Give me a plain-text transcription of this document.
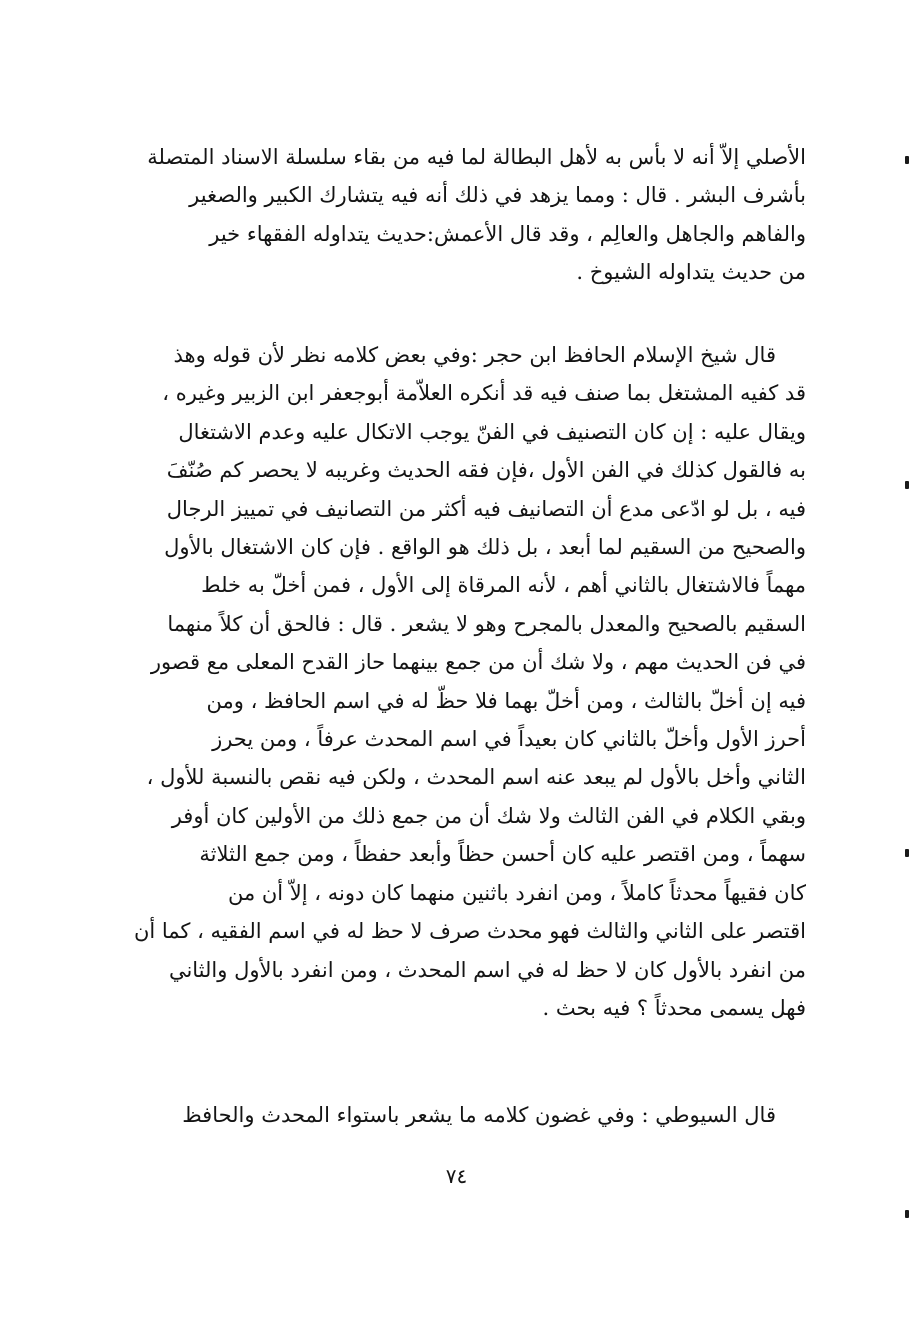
الأصلي إلاّ أنه لا بأس به لأهل البطالة لما فيه من بقاء سلسلة الاسناد المتصلة
بأشرف البشر . قال : ومما يزهد في ذلك أنه فيه يتشارك الكبير والصغير
والفاهم والجاهل والعالِم ، وقد قال الأعمش:حديث يتداوله الفقهاء خير
من حديث يتداوله الشيوخ .
قال شيخ الإسلام الحافظ ابن حجر :وفي بعض كلامه نظر لأن قوله وهذ
قد كفيه المشتغل بما صنف فيه قد أنكره العلاّمة أبوجعفر ابن الزبير وغيره ،
ويقال عليه : إن كان التصنيف في الفنّ يوجب الاتكال عليه وعدم الاشتغال
به فالقول كذلك في الفن الأول ،فإن فقه الحديث وغريبه لا يحصر كم صُنّفَ
فيه ، بل لو ادّعى مدع أن التصانيف فيه أكثر من التصانيف في تمييز الرجال
والصحيح من السقيم لما أبعد ، بل ذلك هو الواقع . فإن كان الاشتغال بالأول
مهماً فالاشتغال بالثاني أهم ، لأنه المرقاة إلى الأول ، فمن أخلّ به خلط
السقيم بالصحيح والمعدل بالمجرح وهو لا يشعر . قال : فالحق أن كلاً منهما
في فن الحديث مهم ، ولا شك أن من جمع بينهما حاز القدح المعلى مع قصور
فيه إن أخلّ بالثالث ، ومن أخلّ بهما فلا حظّ له في اسم الحافظ ، ومن
أحرز الأول وأخلّ بالثاني كان بعيداً في اسم المحدث عرفاً ، ومن يحرز
الثاني وأخل بالأول لم يبعد عنه اسم المحدث ، ولكن فيه نقص بالنسبة للأول ،
وبقي الكلام في الفن الثالث ولا شك أن من جمع ذلك من الأولين كان أوفر
سهماً ، ومن اقتصر عليه كان أحسن حظاً وأبعد حفظاً ، ومن جمع الثلاثة
كان فقيهاً محدثاً كاملاً ، ومن انفرد باثنين منهما كان دونه ، إلاّ أن من
اقتصر على الثاني والثالث فهو محدث صرف لا حظ له في اسم الفقيه ، كما أن
من انفرد بالأول كان لا حظ له في اسم المحدث ، ومن انفرد بالأول والثاني
فهل يسمى محدثاً ؟ فيه بحث .
قال السيوطي : وفي غضون كلامه ما يشعر باستواء المحدث والحافظ
٧٤
